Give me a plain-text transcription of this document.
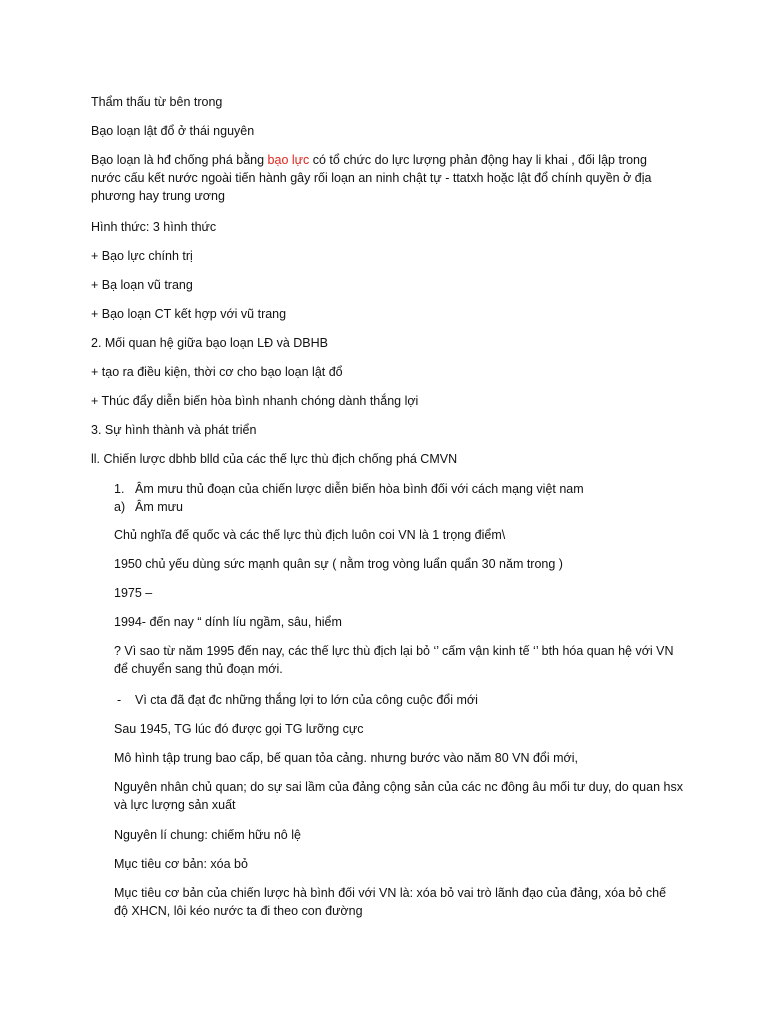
Thẩm thấu từ bên trong

Bạo loạn lật đổ ở thái nguyên

Bạo loạn là hđ chống phá bằng bạo lực có tổ chức do lực lượng phản động hay li khai , đối lập trong
nước cấu kết nước ngoài tiến hành gây rối loạn an ninh chật tự - ttatxh hoặc lật đổ chính quyền ở địa
phương hay trung ương

Hình thức: 3 hình thức

+ Bạo lực chính trị

+ Bạ loạn vũ trang

+ Bạo loạn CT kết hợp với vũ trang

2. Mối quan hệ giữa bạo loạn LĐ và DBHB

+ tạo ra điều kiện, thời cơ cho bạo loạn lật đổ

+ Thúc đẩy diễn biến hòa bình nhanh chóng dành thắng lợi

3. Sự hình thành và phát triển

ll. Chiến lược dbhb blld của các thế lực thù địch chống phá CMVN

1. Âm mưu thủ đoạn của chiến lược diễn biến hòa bình đối với cách mạng việt nam
a) Âm mưu

Chủ nghĩa đế quốc và các thế lực thù địch luôn coi VN là 1 trọng điểm\

1950 chủ yếu dùng sức mạnh quân sự ( nằm trog vòng luẩn quẩn 30 năm trong )

1975 –

1994- đến nay “ dính líu ngầm, sâu, hiểm

? Vì sao từ năm 1995 đến nay, các thế lực thù địch lại bỏ ‘’ cấm vận kinh tế ‘’ bth hóa quan hệ với VN
để chuyển sang thủ đoạn mới.

- Vì cta đã đạt đc những thắng lợi to lớn của công cuộc đổi mới

Sau 1945, TG lúc đó được gọi TG lưỡng cực

Mô hình tập trung bao cấp, bế quan tỏa cảng. nhưng bước vào năm 80 VN đổi mới,

Nguyên nhân chủ quan; do sự sai lầm của đảng cộng sản của các nc đông âu mối tư duy, do quan hsx
và lực lượng sản xuất

Nguyên lí chung: chiếm hữu nô lệ

Mục tiêu cơ bản: xóa bỏ

Mục tiêu cơ bản của chiến lược hà bình đối với VN là: xóa bỏ vai trò lãnh đạo của đảng, xóa bỏ chế
độ XHCN, lôi kéo nước ta đi theo con đường
